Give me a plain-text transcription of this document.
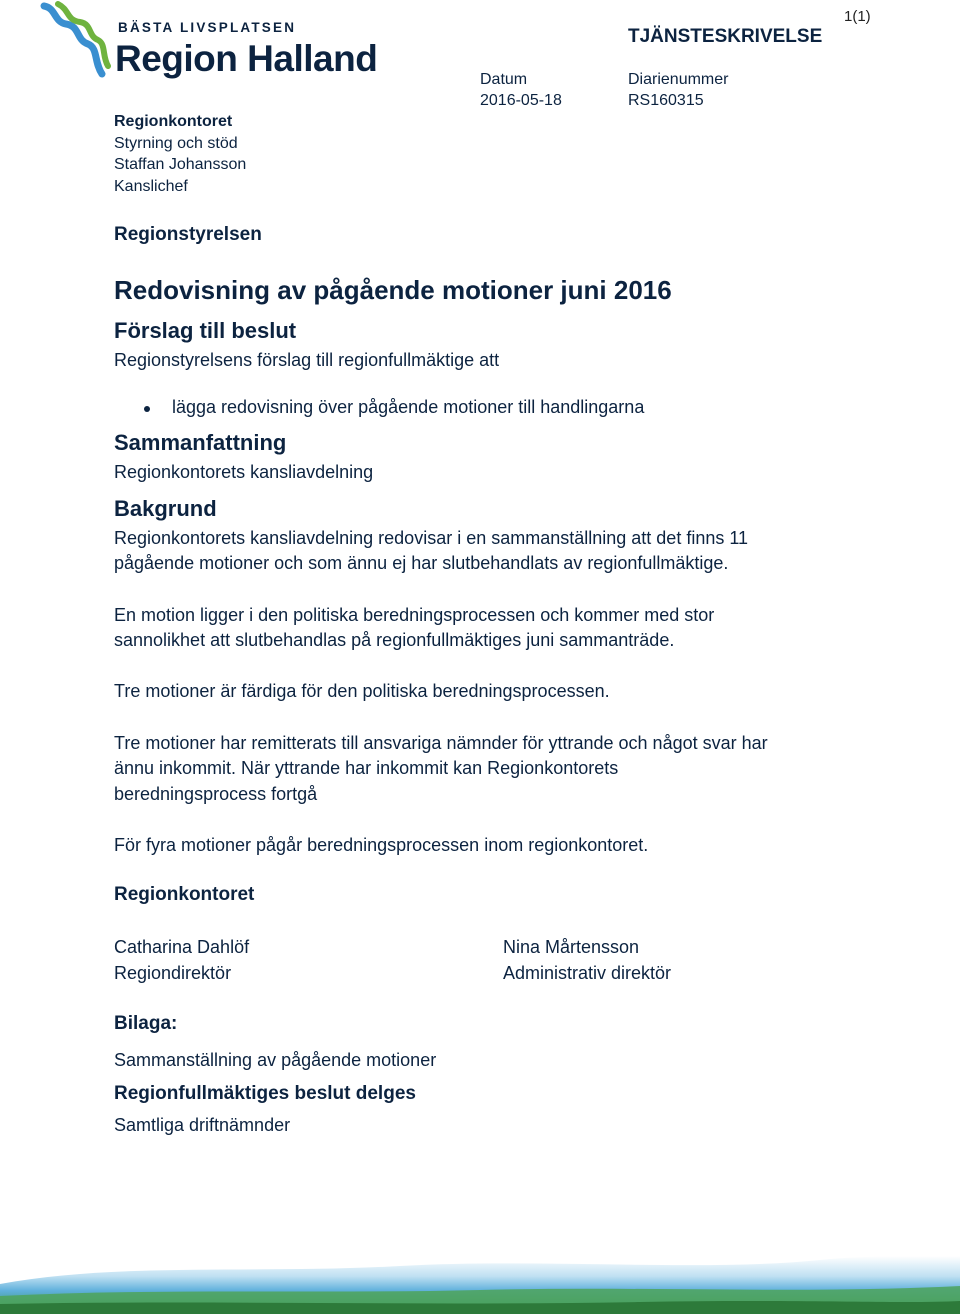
BÄSTA LIVSPLATSEN
Region Halland
1(1)
TJÄNSTESKRIVELSE
Datum
2016-05-18
Diarienummer
RS160315
Regionkontoret
Styrning och stöd
Staffan Johansson
Kanslichef
Regionstyrelsen
Redovisning av pågående motioner juni 2016
Förslag till beslut
Regionstyrelsens förslag till regionfullmäktige att
lägga redovisning över pågående motioner till handlingarna
Sammanfattning
Regionkontorets kansliavdelning
Bakgrund
Regionkontorets kansliavdelning redovisar i en sammanställning att det finns 11
pågående motioner och som ännu ej har slutbehandlats av regionfullmäktige.
En motion ligger i den politiska beredningsprocessen och kommer med stor
sannolikhet att slutbehandlas på regionfullmäktiges juni sammanträde.
Tre motioner är färdiga för den politiska beredningsprocessen.
Tre motioner har remitterats till ansvariga nämnder för yttrande och något svar har
ännu inkommit. När yttrande har inkommit kan Regionkontorets
beredningsprocess fortgå
För fyra motioner pågår beredningsprocessen inom regionkontoret.
Regionkontoret
Catharina Dahlöf
Regiondirektör
Nina Mårtensson
Administrativ direktör
Bilaga:
Sammanställning av pågående motioner
Regionfullmäktiges beslut delges
Samtliga driftnämnder
